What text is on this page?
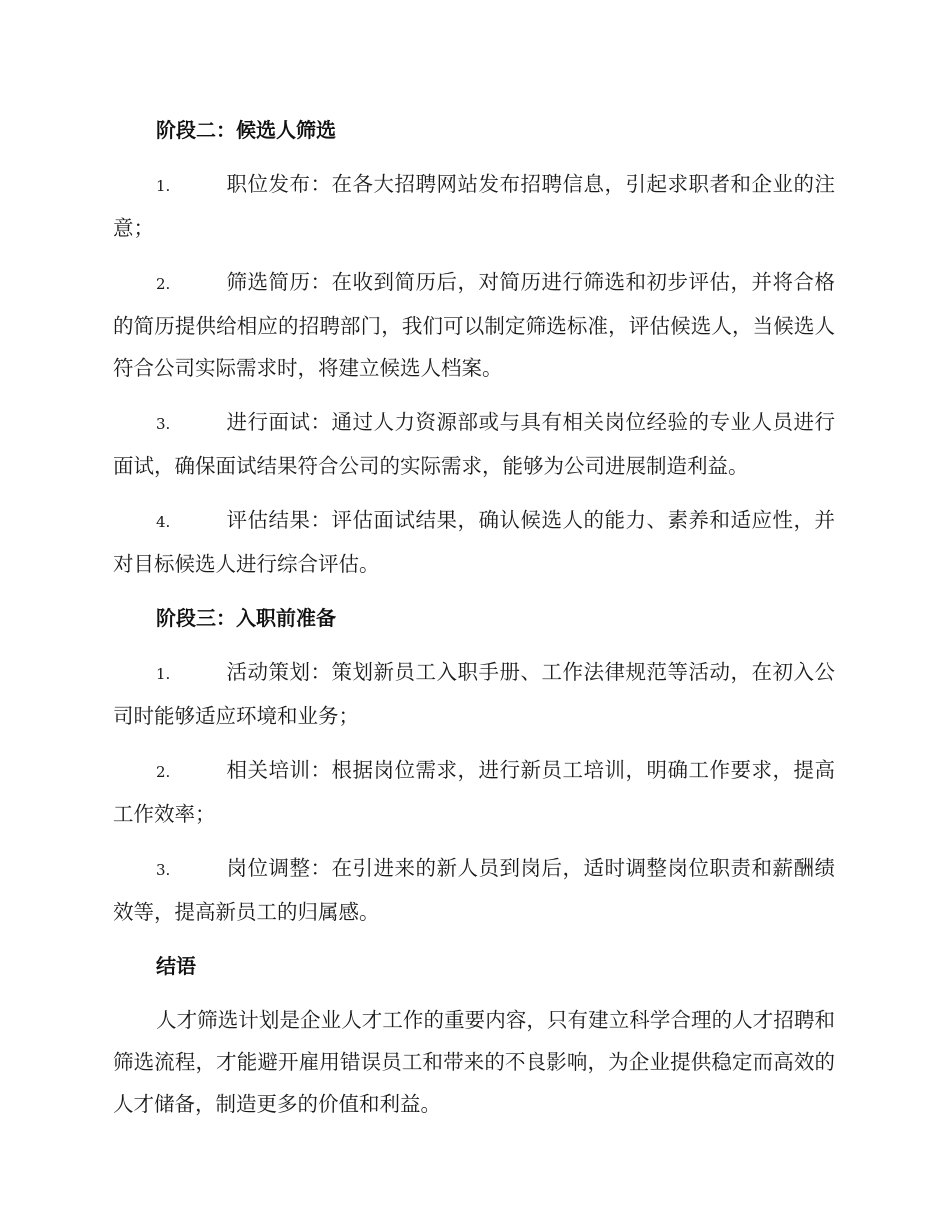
阶段二：候选人筛选
1.	职位发布：在各大招聘网站发布招聘信息，引起求职者和企业的注意；
2.	筛选简历：在收到简历后，对简历进行筛选和初步评估，并将合格的简历提供给相应的招聘部门，我们可以制定筛选标准，评估候选人，当候选人符合公司实际需求时，将建立候选人档案。
3.	进行面试：通过人力资源部或与具有相关岗位经验的专业人员进行面试，确保面试结果符合公司的实际需求，能够为公司进展制造利益。
4.	评估结果：评估面试结果，确认候选人的能力、素养和适应性，并对目标候选人进行综合评估。
阶段三：入职前准备
1.	活动策划：策划新员工入职手册、工作法律规范等活动，在初入公司时能够适应环境和业务；
2.	相关培训：根据岗位需求，进行新员工培训，明确工作要求，提高工作效率；
3.	岗位调整：在引进来的新人员到岗后，适时调整岗位职责和薪酬绩效等，提高新员工的归属感。
结语
人才筛选计划是企业人才工作的重要内容，只有建立科学合理的人才招聘和筛选流程，才能避开雇用错误员工和带来的不良影响，为企业提供稳定而高效的人才储备，制造更多的价值和利益。
